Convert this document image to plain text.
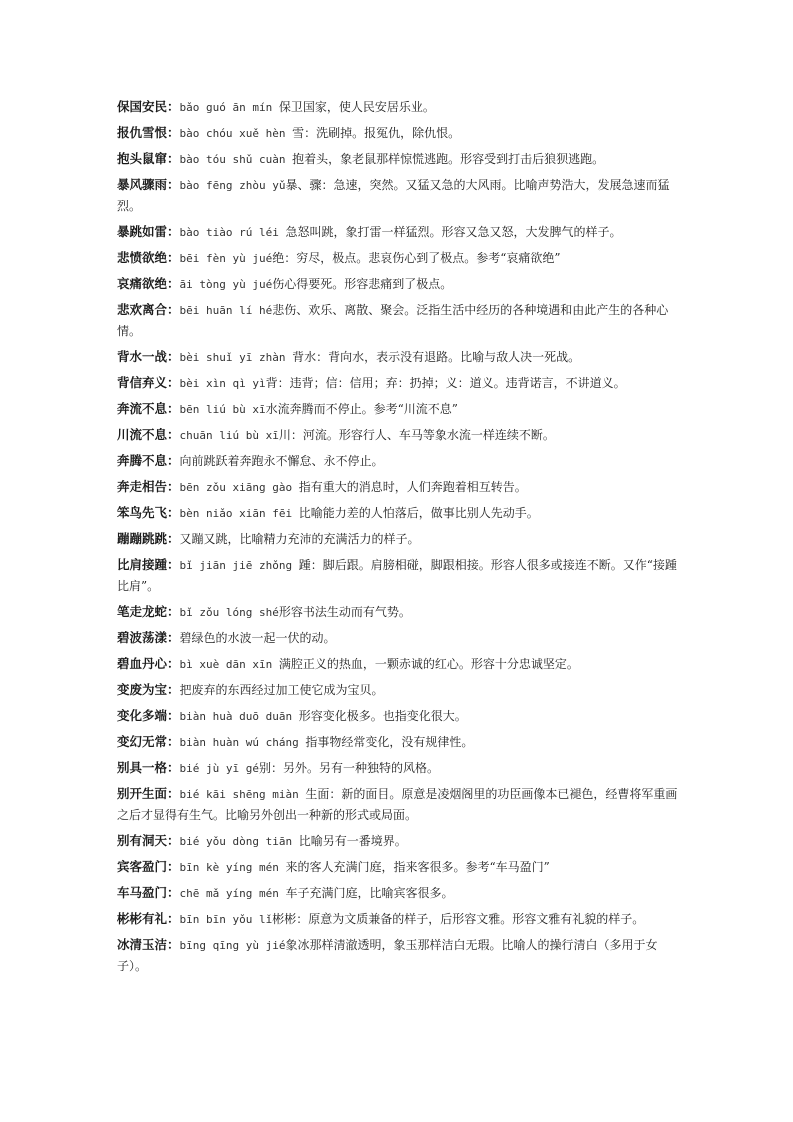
保国安民：bǎo guó ān mín 保卫国家，使人民安居乐业。
报仇雪恨：bào chóu xuě hèn 雪：洗刷掉。报冤仇，除仇恨。
抱头鼠窜：bào tóu shǔ cuàn 抱着头，象老鼠那样惊慌逃跑。形容受到打击后狼狈逃跑。
暴风骤雨：bào fēng zhòu yǔ暴、骤：急速，突然。又猛又急的大风雨。比喻声势浩大，发展急速而猛烈。
暴跳如雷：bào tiào rú léi 急怒叫跳，象打雷一样猛烈。形容又急又怒，大发脾气的样子。
悲愤欲绝：bēi fèn yù jué绝：穷尽，极点。悲哀伤心到了极点。参考“哀痛欲绝”
哀痛欲绝：āi tòng yù jué伤心得要死。形容悲痛到了极点。
悲欢离合：bēi huān lí hé悲伤、欢乐、离散、聚会。泛指生活中经历的各种境遇和由此产生的各种心情。
背水一战：bèi shuǐ yī zhàn 背水：背向水，表示没有退路。比喻与敌人决一死战。
背信弃义：bèi xìn qì yì背：违背；信：信用；弃：扔掉；义：道义。违背诺言，不讲道义。
奔流不息：bēn liú bù xī水流奔腾而不停止。参考“川流不息”
川流不息：chuān liú bù xī川：河流。形容行人、车马等象水流一样连续不断。
奔腾不息：向前跳跃着奔跑永不懈怠、永不停止。
奔走相告：bēn zǒu xiāng gào 指有重大的消息时，人们奔跑着相互转告。
笨鸟先飞：bèn niǎo xiān fēi 比喻能力差的人怕落后，做事比别人先动手。
蹦蹦跳跳：又蹦又跳，比喻精力充沛的充满活力的样子。
比肩接踵：bǐ jiān jiē zhǒng 踵：脚后跟。肩膀相碰，脚跟相接。形容人很多或接连不断。又作“接踵比肩”。
笔走龙蛇：bǐ zǒu lóng shé形容书法生动而有气势。
碧波荡漾：碧绿色的水波一起一伏的动。
碧血丹心：bì xuè dān xīn 满腔正义的热血，一颗赤诚的红心。形容十分忠诚坚定。
变废为宝：把废弃的东西经过加工使它成为宝贝。
变化多端：biàn huà duō duān 形容变化极多。也指变化很大。
变幻无常：biàn huàn wú cháng 指事物经常变化，没有规律性。
别具一格：bié jù yī gé别：另外。另有一种独特的风格。
别开生面：bié kāi shēng miàn 生面：新的面目。原意是凌烟阁里的功臣画像本已褪色，经曹将军重画之后才显得有生气。比喻另外创出一种新的形式或局面。
别有洞天：bié yǒu dòng tiān 比喻另有一番境界。
宾客盈门：bīn kè yíng mén 来的客人充满门庭，指来客很多。参考“车马盈门”
车马盈门：chē mǎ yíng mén 车子充满门庭，比喻宾客很多。
彬彬有礼：bīn bīn yǒu lǐ彬彬：原意为文质兼备的样子，后形容文雅。形容文雅有礼貌的样子。
冰清玉洁：bīng qīng yù jié象冰那样清澈透明，象玉那样洁白无瑕。比喻人的操行清白（多用于女子）。
